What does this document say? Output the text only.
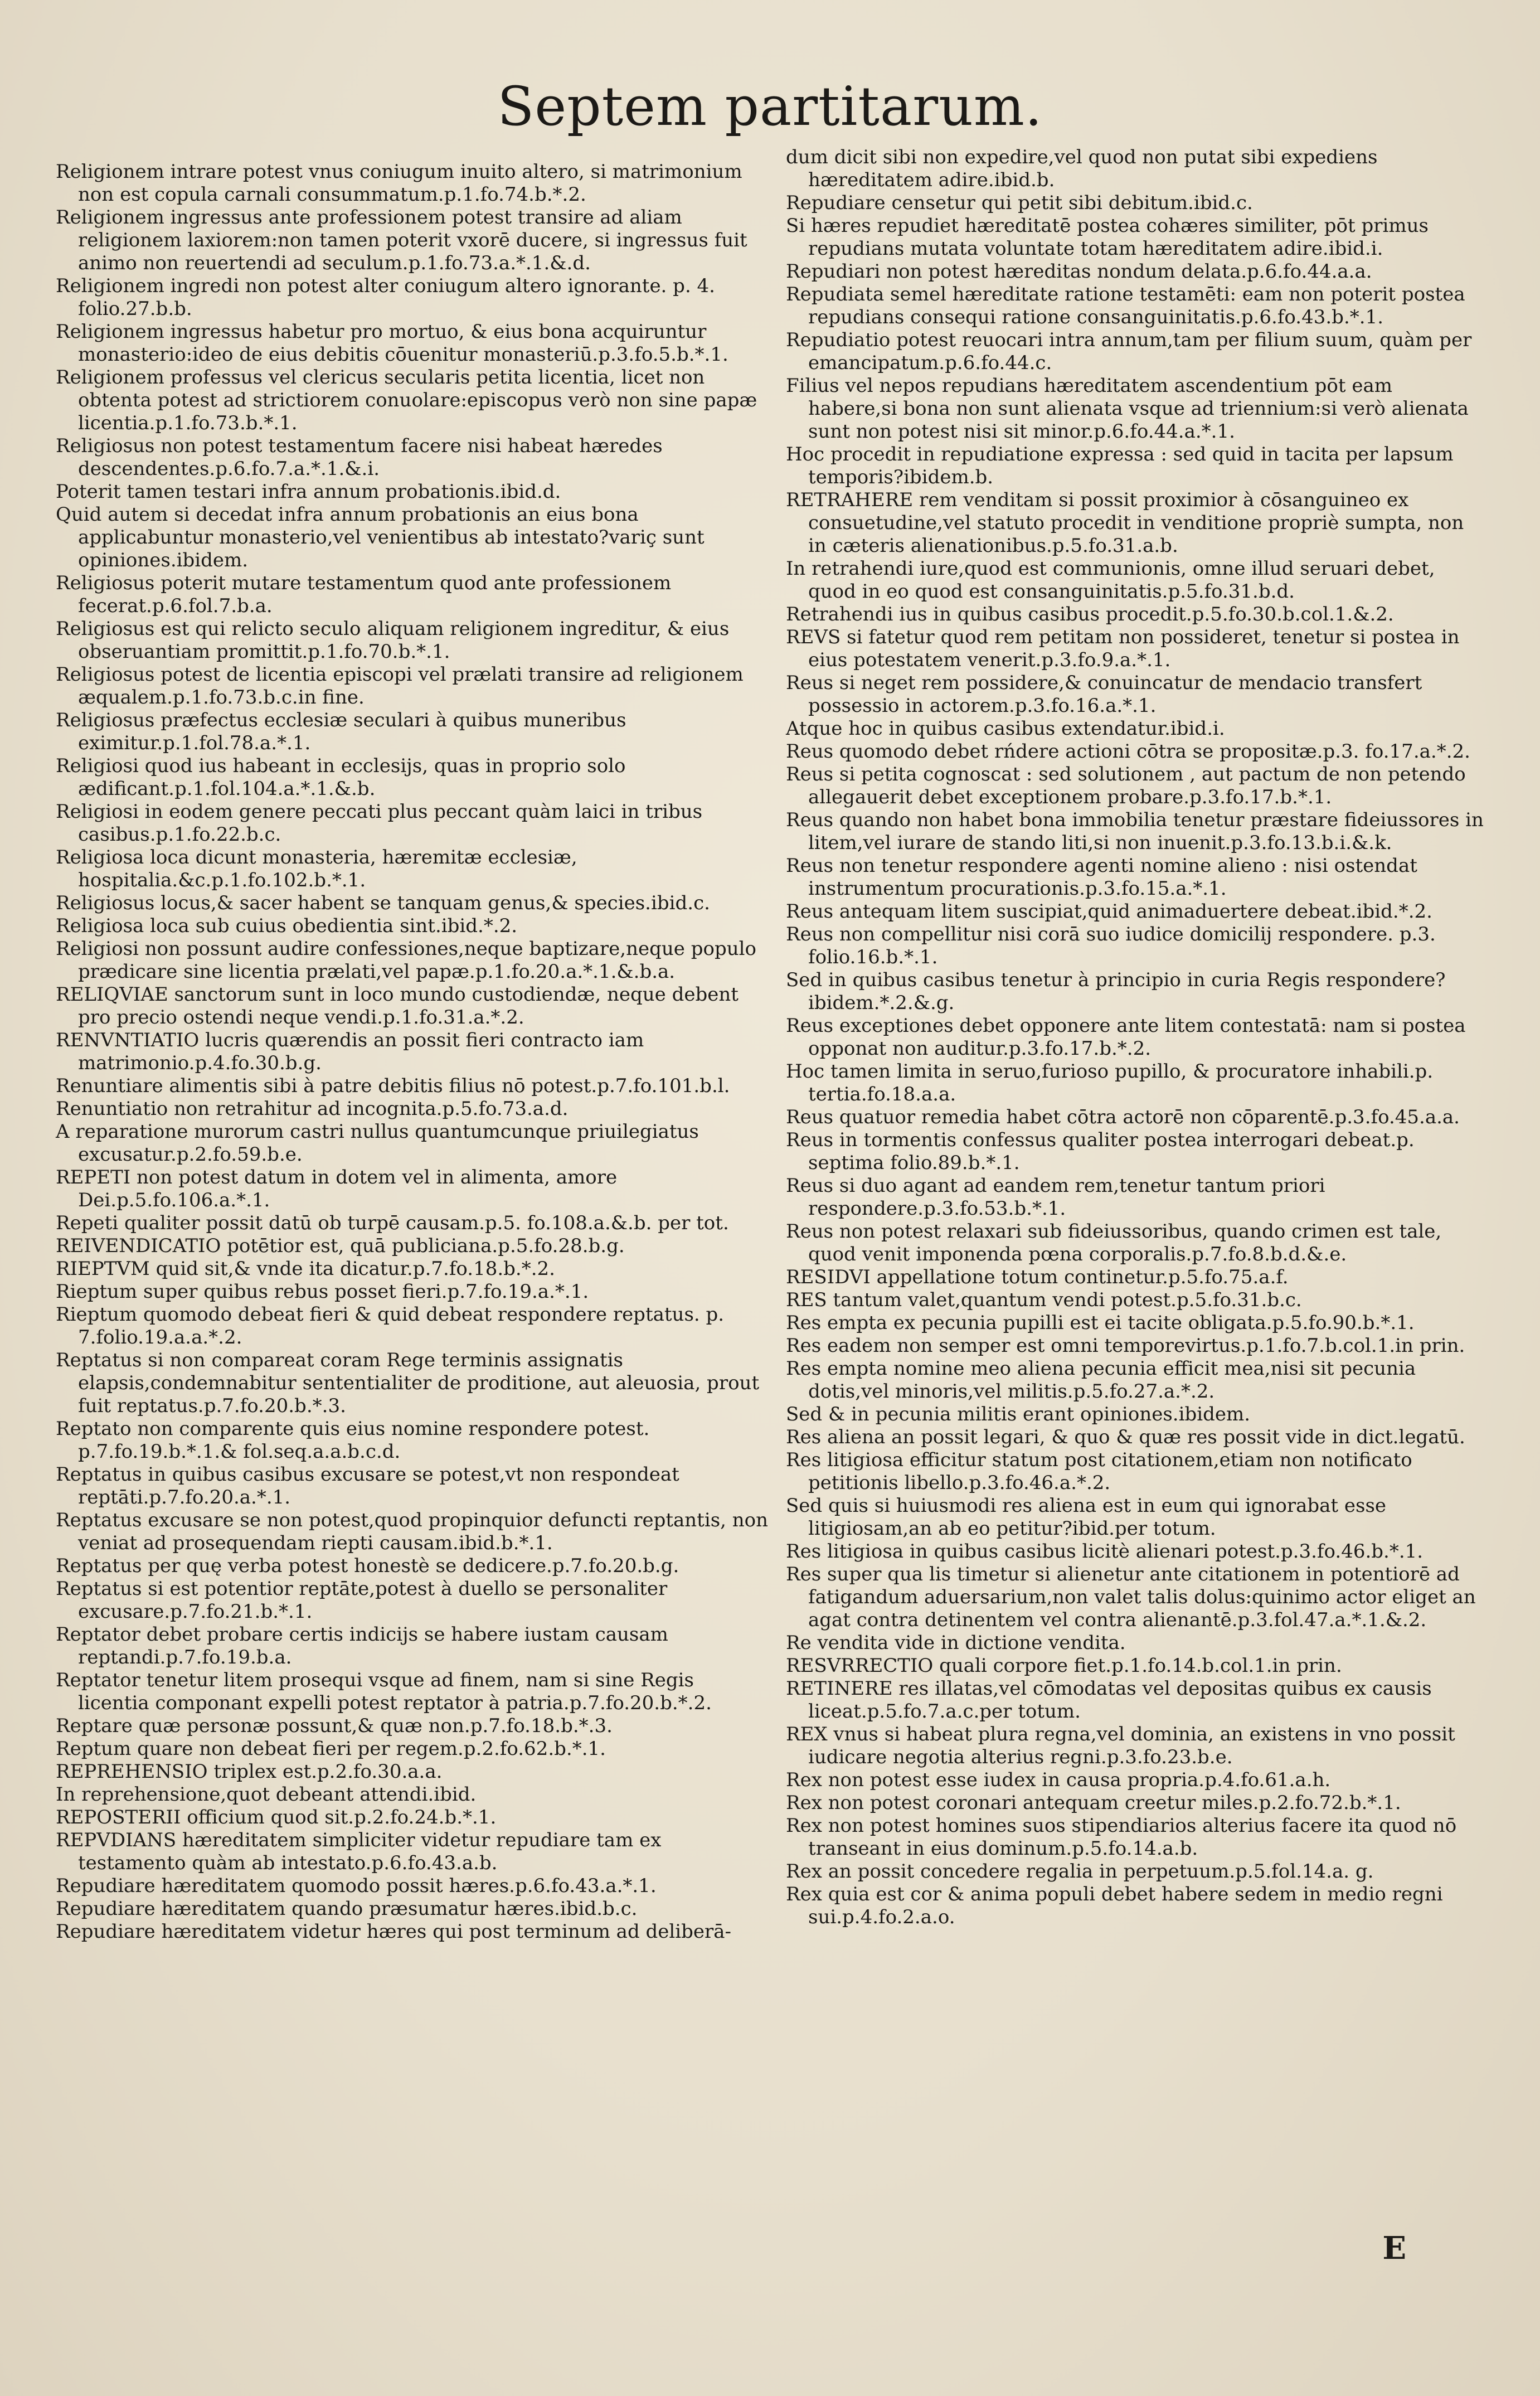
Septem partitarum.

Religionem intrare potest vnus coniugum inuito altero, si matrimonium non est copula carnali consummatum.p.1.fo.74.b.*.2.

Religionem ingressus ante professionem potest transire ad aliam religionem laxiorem:non tamen poterit vxorē ducere, si ingressus fuit animo non reuertendi ad seculum.p.1.fo.73.a.*.1.&.d.

Religionem ingredi non potest alter coniugum altero ignorante. p. 4. folio.27.b.b.

Religionem ingressus habetur pro mortuo, & eius bona acquiruntur monasterio:ideo de eius debitis cōuenitur monasteriū.p.3.fo.5.b.*.1.

Religionem professus vel clericus secularis petita licentia, licet non obtenta potest ad strictiorem conuolare:episcopus verò non sine papæ licentia.p.1.fo.73.b.*.1.

Religiosus non potest testamentum facere nisi habeat hæredes descendentes.p.6.fo.7.a.*.1.&.i.

Poterit tamen testari infra annum probationis.ibid.d.

Quid autem si decedat infra annum probationis an eius bona applicabuntur monasterio,vel venientibus ab intestato?variç sunt opiniones.ibidem.

Religiosus poterit mutare testamentum quod ante professionem fecerat.p.6.fol.7.b.a.

Religiosus est qui relicto seculo aliquam religionem ingreditur, & eius obseruantiam promittit.p.1.fo.70.b.*.1.

Religiosus potest de licentia episcopi vel prælati transire ad religionem æqualem.p.1.fo.73.b.c.in fine.

Religiosus præfectus ecclesiæ seculari à quibus muneribus eximitur.p.1.fol.78.a.*.1.

Religiosi quod ius habeant in ecclesijs, quas in proprio solo ædificant.p.1.fol.104.a.*.1.&.b.

Religiosi in eodem genere peccati plus peccant quàm laici in tribus casibus.p.1.fo.22.b.c.

Religiosa loca dicunt monasteria, hæremitæ ecclesiæ, hospitalia.&c.p.1.fo.102.b.*.1.

Religiosus locus,& sacer habent se tanquam genus,& species.ibid.c.

Religiosa loca sub cuius obedientia sint.ibid.*.2.

Religiosi non possunt audire confessiones,neque baptizare,neque populo prædicare sine licentia prælati,vel papæ.p.1.fo.20.a.*.1.&.b.a.

RELIQVIAE sanctorum sunt in loco mundo custodiendæ, neque debent pro precio ostendi neque vendi.p.1.fo.31.a.*.2.

RENVNTIATIO lucris quærendis an possit fieri contracto iam matrimonio.p.4.fo.30.b.g.

Renuntiare alimentis sibi à patre debitis filius nō potest.p.7.fo.101.b.l.

Renuntiatio non retrahitur ad incognita.p.5.fo.73.a.d.

A reparatione murorum castri nullus quantumcunque priuilegiatus excusatur.p.2.fo.59.b.e.

REPETI non potest datum in dotem vel in alimenta, amore Dei.p.5.fo.106.a.*.1.

Repeti qualiter possit datū ob turpē causam.p.5. fo.108.a.&.b. per tot.

REIVENDICATIO potētior est, quā publiciana.p.5.fo.28.b.g.

RIEPTVM quid sit,& vnde ita dicatur.p.7.fo.18.b.*.2.

Rieptum super quibus rebus posset fieri.p.7.fo.19.a.*.1.

Rieptum quomodo debeat fieri & quid debeat respondere reptatus. p. 7.folio.19.a.a.*.2.

Reptatus si non compareat coram Rege terminis assignatis elapsis,condemnabitur sententialiter de proditione, aut aleuosia, prout fuit reptatus.p.7.fo.20.b.*.3.

Reptato non comparente quis eius nomine respondere potest. p.7.fo.19.b.*.1.& fol.seq.a.a.b.c.d.

Reptatus in quibus casibus excusare se potest,vt non respondeat reptāti.p.7.fo.20.a.*.1.

Reptatus excusare se non potest,quod propinquior defuncti reptantis, non veniat ad prosequendam riepti causam.ibid.b.*.1.

Reptatus per quę verba potest honestè se dedicere.p.7.fo.20.b.g.

Reptatus si est potentior reptāte,potest à duello se personaliter excusare.p.7.fo.21.b.*.1.

Reptator debet probare certis indicijs se habere iustam causam reptandi.p.7.fo.19.b.a.

Reptator tenetur litem prosequi vsque ad finem, nam si sine Regis licentia componant expelli potest reptator à patria.p.7.fo.20.b.*.2.

Reptare quæ personæ possunt,& quæ non.p.7.fo.18.b.*.3.

Reptum quare non debeat fieri per regem.p.2.fo.62.b.*.1.

REPREHENSIO triplex est.p.2.fo.30.a.a.

In reprehensione,quot debeant attendi.ibid.

REPOSTERII officium quod sit.p.2.fo.24.b.*.1.

REPVDIANS hæreditatem simpliciter videtur repudiare tam ex testamento quàm ab intestato.p.6.fo.43.a.b.

Repudiare hæreditatem quomodo possit hæres.p.6.fo.43.a.*.1.

Repudiare hæreditatem quando præsumatur hæres.ibid.b.c.

Repudiare hæreditatem videtur hæres qui post terminum ad deliberā-

dum dicit sibi non expedire,vel quod non putat sibi expediens hæreditatem adire.ibid.b.

Repudiare censetur qui petit sibi debitum.ibid.c.

Si hæres repudiet hæreditatē postea cohæres similiter, pōt primus repudians mutata voluntate totam hæreditatem adire.ibid.i.

Repudiari non potest hæreditas nondum delata.p.6.fo.44.a.a.

Repudiata semel hæreditate ratione testamēti: eam non poterit postea repudians consequi ratione consanguinitatis.p.6.fo.43.b.*.1.

Repudiatio potest reuocari intra annum,tam per filium suum, quàm per emancipatum.p.6.fo.44.c.

Filius vel nepos repudians hæreditatem ascendentium pōt eam habere,si bona non sunt alienata vsque ad triennium:si verò alienata sunt non potest nisi sit minor.p.6.fo.44.a.*.1.

Hoc procedit in repudiatione expressa : sed quid in tacita per lapsum temporis?ibidem.b.

RETRAHERE rem venditam si possit proximior à cōsanguineo ex consuetudine,vel statuto procedit in venditione propriè sumpta, non in cæteris alienationibus.p.5.fo.31.a.b.

In retrahendi iure,quod est communionis, omne illud seruari debet, quod in eo quod est consanguinitatis.p.5.fo.31.b.d.

Retrahendi ius in quibus casibus procedit.p.5.fo.30.b.col.1.&.2.

REVS si fatetur quod rem petitam non possideret, tenetur si postea in eius potestatem venerit.p.3.fo.9.a.*.1.

Reus si neget rem possidere,& conuincatur de mendacio transfert possessio in actorem.p.3.fo.16.a.*.1.

Atque hoc in quibus casibus extendatur.ibid.i.

Reus quomodo debet rńdere actioni cōtra se propositæ.p.3. fo.17.a.*.2.

Reus si petita cognoscat : sed solutionem , aut pactum de non petendo allegauerit debet exceptionem probare.p.3.fo.17.b.*.1.

Reus quando non habet bona immobilia tenetur præstare fideiussores in litem,vel iurare de stando liti,si non inuenit.p.3.fo.13.b.i.&.k.

Reus non tenetur respondere agenti nomine alieno : nisi ostendat instrumentum procurationis.p.3.fo.15.a.*.1.

Reus antequam litem suscipiat,quid animaduertere debeat.ibid.*.2.

Reus non compellitur nisi corā suo iudice domicilij respondere. p.3. folio.16.b.*.1.

Sed in quibus casibus tenetur à principio in curia Regis respondere? ibidem.*.2.&.g.

Reus exceptiones debet opponere ante litem contestatā: nam si postea opponat non auditur.p.3.fo.17.b.*.2.

Hoc tamen limita in seruo,furioso pupillo, & procuratore inhabili.p. tertia.fo.18.a.a.

Reus quatuor remedia habet cōtra actorē non cōparentē.p.3.fo.45.a.a.

Reus in tormentis confessus qualiter postea interrogari debeat.p. septima folio.89.b.*.1.

Reus si duo agant ad eandem rem,tenetur tantum priori respondere.p.3.fo.53.b.*.1.

Reus non potest relaxari sub fideiussoribus, quando crimen est tale, quod venit imponenda pœna corporalis.p.7.fo.8.b.d.&.e.

RESIDVI appellatione totum continetur.p.5.fo.75.a.f.

RES tantum valet,quantum vendi potest.p.5.fo.31.b.c.

Res empta ex pecunia pupilli est ei tacite obligata.p.5.fo.90.b.*.1.

Res eadem non semper est omni temporevirtus.p.1.fo.7.b.col.1.in prin.

Res empta nomine meo aliena pecunia efficit mea,nisi sit pecunia dotis,vel minoris,vel militis.p.5.fo.27.a.*.2.

Sed & in pecunia militis erant opiniones.ibidem.

Res aliena an possit legari, & quo & quæ res possit vide in dict.legatū.

Res litigiosa efficitur statum post citationem,etiam non notificato petitionis libello.p.3.fo.46.a.*.2.

Sed quis si huiusmodi res aliena est in eum qui ignorabat esse litigiosam,an ab eo petitur?ibid.per totum.

Res litigiosa in quibus casibus licitè alienari potest.p.3.fo.46.b.*.1.

Res super qua lis timetur si alienetur ante citationem in potentiorē ad fatigandum aduersarium,non valet talis dolus:quinimo actor eliget an agat contra detinentem vel contra alienantē.p.3.fol.47.a.*.1.&.2.

Re vendita vide in dictione vendita.

RESVRRECTIO quali corpore fiet.p.1.fo.14.b.col.1.in prin.

RETINERE res illatas,vel cōmodatas vel depositas quibus ex causis liceat.p.5.fo.7.a.c.per totum.

REX vnus si habeat plura regna,vel dominia, an existens in vno possit iudicare negotia alterius regni.p.3.fo.23.b.e.

Rex non potest esse iudex in causa propria.p.4.fo.61.a.h.

Rex non potest coronari antequam creetur miles.p.2.fo.72.b.*.1.

Rex non potest homines suos stipendiarios alterius facere ita quod nō transeant in eius dominum.p.5.fo.14.a.b.

Rex an possit concedere regalia in perpetuum.p.5.fol.14.a. g.

Rex quia est cor & anima populi debet habere sedem in medio regni sui.p.4.fo.2.a.o.

E
